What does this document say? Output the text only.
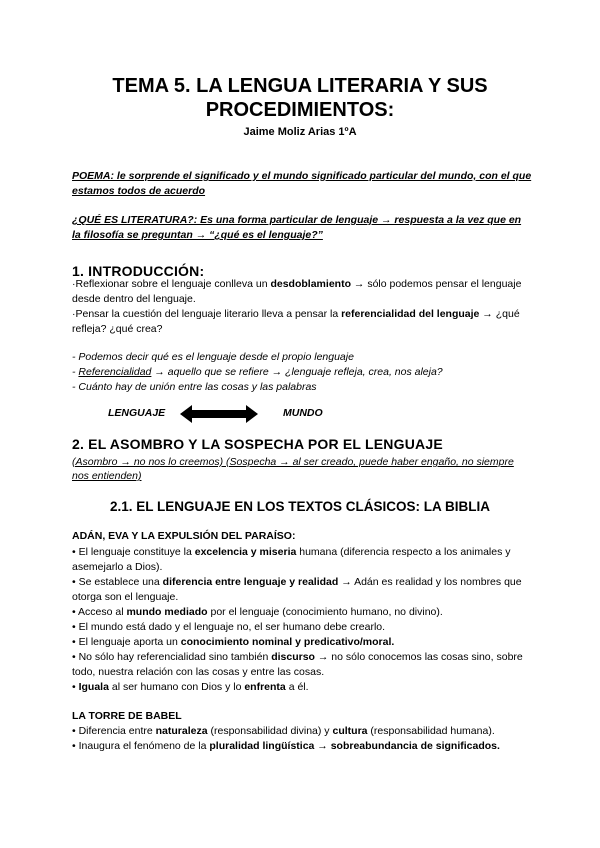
TEMA 5. LA LENGUA LITERARIA Y SUS
PROCEDIMIENTOS:
Jaime Moliz Arias 1ºA
POEMA: le sorprende el significado y el mundo significado particular del mundo, con el que estamos todos de acuerdo
¿QUÉ ES LITERATURA?: Es una forma particular de lenguaje → respuesta a la vez que en la filosofía se preguntan → “¿qué es el lenguaje?”
1. INTRODUCCIÓN:
·Reflexionar sobre el lenguaje conlleva un desdoblamiento → sólo podemos pensar el lenguaje desde dentro del lenguaje.
·Pensar la cuestión del lenguaje literario lleva a pensar la referencialidad del lenguaje → ¿qué refleja? ¿qué crea?
- Podemos decir qué es el lenguaje desde el propio lenguaje
- Referencialidad → aquello que se refiere → ¿lenguaje refleja, crea, nos aleja?
- Cuánto hay de unión entre las cosas y las palabras
LENGUAJE	MUNDO
2. EL ASOMBRO Y LA SOSPECHA POR EL LENGUAJE
(Asombro → no nos lo creemos) (Sospecha → al ser creado, puede haber engaño, no siempre nos entienden)
2.1. EL LENGUAJE EN LOS TEXTOS CLÁSICOS: LA BIBLIA
ADÁN, EVA Y LA EXPULSIÓN DEL PARAÍSO:
• El lenguaje constituye la excelencia y miseria humana (diferencia respecto a los animales y asemejarlo a Dios).
• Se establece una diferencia entre lenguaje y realidad → Adán es realidad y los nombres que otorga son el lenguaje.
• Acceso al mundo mediado por el lenguaje (conocimiento humano, no divino).
• El mundo está dado y el lenguaje no, el ser humano debe crearlo.
• El lenguaje aporta un conocimiento nominal y predicativo/moral.
• No sólo hay referencialidad sino también discurso → no sólo conocemos las cosas sino, sobre todo, nuestra relación con las cosas y entre las cosas.
• Iguala al ser humano con Dios y lo enfrenta a él.
LA TORRE DE BABEL
• Diferencia entre naturaleza (responsabilidad divina) y cultura (responsabilidad humana).
• Inaugura el fenómeno de la pluralidad lingüística → sobreabundancia de significados.
